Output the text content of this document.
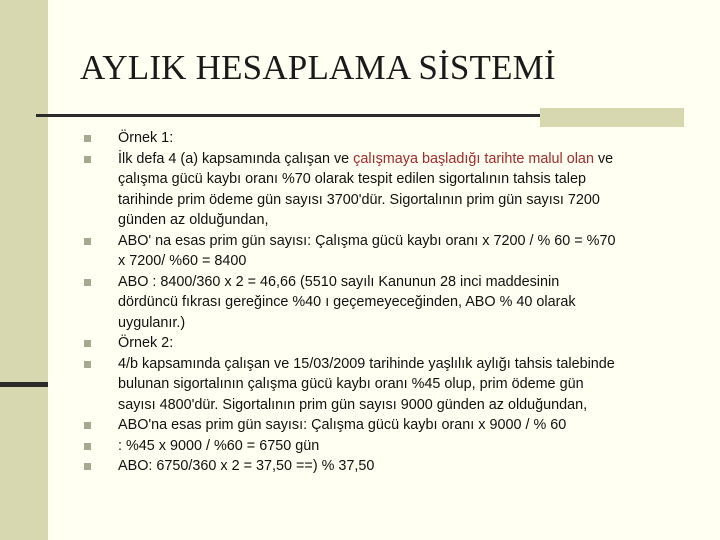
AYLIK HESAPLAMA SİSTEMİ
Örnek 1:
İlk defa 4 (a) kapsamında çalışan ve çalışmaya başladığı tarihte malul olan ve
çalışma gücü kaybı oranı %70 olarak tespit edilen sigortalının tahsis talep
tarihinde prim ödeme gün sayısı 3700'dür. Sigortalının prim gün sayısı 7200
günden az olduğundan,
ABO' na esas prim gün sayısı: Çalışma gücü kaybı oranı x 7200 / % 60 = %70
x 7200/ %60 = 8400
ABO : 8400/360 x 2 = 46,66 (5510 sayılı Kanunun 28 inci maddesinin
dördüncü fıkrası gereğince %40 ı geçemeyeceğinden, ABO % 40 olarak
uygulanır.)
Örnek 2:
4/b kapsamında çalışan ve 15/03/2009 tarihinde yaşlılık aylığı tahsis talebinde
bulunan sigortalının çalışma gücü kaybı oranı %45 olup, prim ödeme gün
sayısı 4800'dür. Sigortalının prim gün sayısı 9000 günden az olduğundan,
ABO'na esas prim gün sayısı: Çalışma gücü kaybı oranı x 9000 / % 60
: %45 x 9000 / %60 = 6750 gün
ABO: 6750/360 x 2 = 37,50 ==) % 37,50
